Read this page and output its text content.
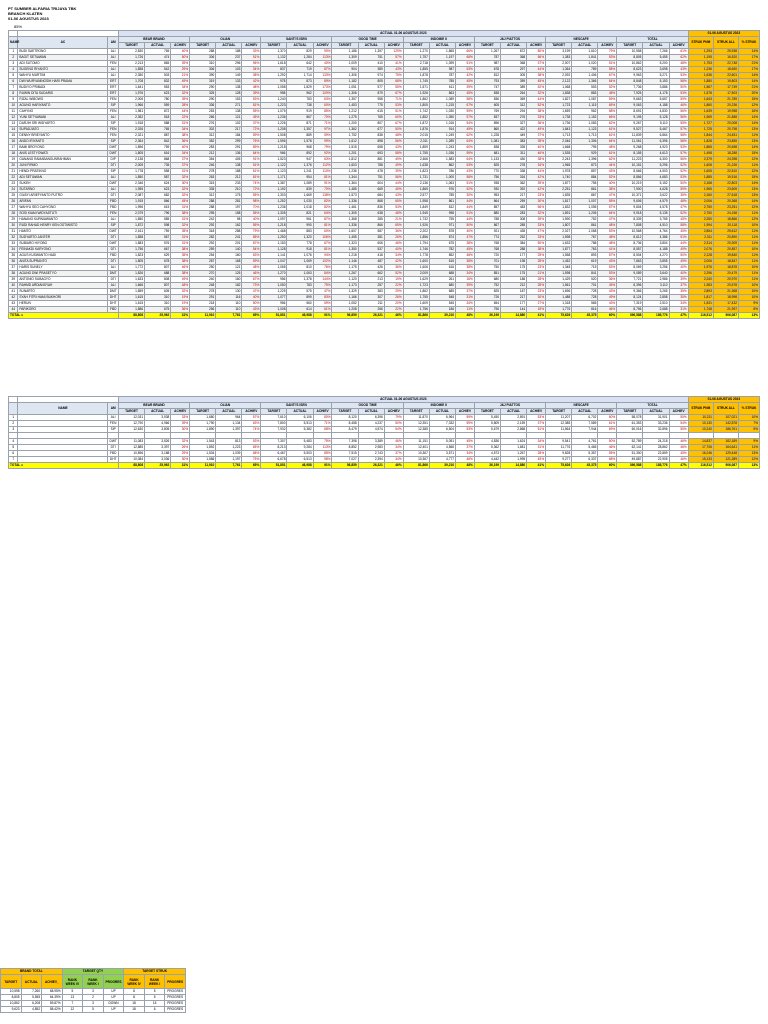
PT SUMBER ALFARIA TRIJAYA TBK
BRANCH KLATEN
01-06 AGUSTUS 2023
85%
			ACTUAL 01-06 AGUSTUS 2023																								01-06 AGUSTUS 2023		
NAME	AC	AM	BEAR BRAND			OLIAN			SANTI'S ISEN			GOOD TIME			INDOMIE II			J&J PIATTOS			NESCAFE			TOTAL			STRUK PNM	STRUK ALL	% STRUK
			TARGET	ACTUAL	ACHIEV	TARGET	ACTUAL	ACHIEV	TARGET	ACTUAL	ACHIEV	TARGET	ACTUAL	ACHIEV	TARGET	ACTUAL	ACHIEV	TARGET	ACTUAL	ACHIEV	TARGET	ACTUAL	ACHIEV	TARGET	ACTUAL	ACHIEV			
1	BUDI SAETRONO	ALI	2,830	765	40%	288	188	33%	1,370	829	90%	1,186	1,397	129%	1,270	1,865	66%	1,267	872	80%	3,199	1,610	79%	10,558	7,266	61%	1,293	25,938	14%
2	BAGIT SETIAWAN	ALI	1,726	474	50%	306	237	51%	1,132	1,284	113%	1,309	751	57%	1,757	1,197	68%	787	368	56%	1,383	1,841	53%	8,805	5,455	62%	1,195	16,520	17%
3	ADI SUTOMO	FEN	2,213	865	39%	310	296	96%	1,618	642	40%	1,009	410	41%	2,718	1,399	51%	987	368	37%	2,007	1,020	51%	10,862	5,200	48%	1,753	22,748	21%
4	SUGENG RIYANTO	ALI	1,858	542	29%	306	103	34%	837	719	87%	904	389	43%	1,855	987	53%	678	297	44%	1,364	789	58%	8,623	3,698	43%	1,236	18,650	17%
5	WAHYU MURTINI	ALI	2,350	503	21%	390	149	38%	1,292	1,714	133%	1,306	974	75%	1,878	787	42%	812	305	38%	2,092	1,406	67%	9,963	5,271	53%	1,636	22,601	14%
6	DWI WURYANINGSIH HARI PRAMA	ERT	1,708	832	49%	319	133	42%	978	873	89%	1,182	805	68%	1,745	785	45%	793	359	45%	2,122	1,366	64%	8,848	5,153	58%	1,880	19,803	14%
7	BUDIYO PRIBADI	ERT	1,641	553	34%	290	138	48%	1,058	1,829	173%	1,051	577	55%	1,571	611	39%	747	389	52%	1,068	553	52%	7,736	3,886	50%	1,567	17,749	21%
8	RUWIN DITA SUDARIS	ERT	1,976	623	32%	325	128	39%	958	962	100%	1,306	879	67%	1,926	863	45%	838	264	32%	1,838	883	48%	7,925	4,178	53%	1,578	17,503	20%
9	RIZAL WIBOWO	FEN	2,006	780	39%	290	153	53%	1,240	783	63%	1,357	958	71%	1,862	1,089	58%	836	369	44%	1,827	1,087	59%	9,663	5,657	59%	1,643	21,789	15%
10	AGUNG HARIYANTO	SIP	1,966	559	28%	336	271	81%	1,223	738	60%	1,453	775	53%	1,805	1,215	67%	605	312	52%	1,723	1,115	65%	9,063	4,188	46%	1,860	20,236	12%
11	CAHYNO	FEN	1,981	872	44%	253	138	55%	1,075	919	85%	1,212	615	51%	1,742	1,030	59%	769	294	38%	1,659	962	58%	8,691	4,830	56%	1,639	19,958	16%
12	YUNI SETYAWANI	ALI	2,352	518	22%	266	121	45%	1,236	867	70%	1,275	765	60%	1,852	1,050	57%	837	276	33%	1,738	1,152	66%	9,195	5,128	56%	1,969	21,858	14%
13	DARJIH SRI WIDYARTO	SIP	1,918	588	31%	276	102	37%	1,226	871	71%	1,200	807	67%	1,872	1,016	54%	896	327	36%	1,736	1,083	62%	9,267	5,110	55%	1,727	20,008	14%
14	SUPADJIATO	FEN	2,026	765	34%	302	217	72%	1,208	1,357	97%	1,362	677	50%	1,876	914	49%	860	422	49%	1,843	1,123	61%	9,527	5,467	57%	1,725	20,798	13%
15	DENNY BRIEYANTO	FEN	2,321	887	38%	312	184	59%	1,508	889	59%	1,752	838	48%	2,015	1,249	62%	1,228	449	37%	1,713	1,713	61%	11,839	6,864	58%	1,844	24,451	11%
16	ANDO IRIYANTO	SIP	2,364	842	36%	352	299	76%	1,596	1,578	99%	1,612	898	56%	2,011	1,289	64%	1,081	383	35%	2,046	1,306	64%	11,061	6,396	58%	1,828	23,855	13%
17	BAMI BROYONO	DWT	1,896	759	40%	283	291	89%	1,218	968	79%	1,515	658	43%	1,859	1,243	60%	838	335	40%	1,668	795	48%	9,268	4,923	53%	1,865	20,698	14%
18	ANIS LESTYOWATI	DWT	1,805	616	34%	212	136	64%	966	892	92%	1,201	693	58%	1,755	1,036	59%	681	311	46%	1,535	929	61%	8,155	4,613	57%	1,498	18,288	15%
19	GANANG RAMABANGUNRAHMAN	DIP	2,138	868	37%	354	405	91%	1,523	947	63%	1,812	881	49%	2,466	1,583	64%	1,133	430	38%	2,243	1,396	62%	11,223	6,300	56%	2,379	24,398	12%
20	JUNI FIRMO	DTI	2,005	735	37%	246	138	51%	1,122	1,376	112%	1,603	788	49%	1,638	862	53%	825	278	34%	1,965	873	44%	10,151	5,296	52%	1,608	21,226	11%
21	HENDI PRATIKNO	SIP	1,778	558	31%	278	188	61%	1,123	1,241	110%	1,236	478	39%	1,823	786	43%	770	338	44%	1,978	857	43%	8,666	4,503	52%	1,605	22,510	12%
22	ADI SETIAWAN	ALI	1,850	587	32%	263	212	81%	1,171	954	81%	1,344	751	56%	1,731	1,000	58%	756	316	42%	1,740	884	52%	8,866	4,683	53%	1,885	19,516	15%
23	SUKEH	DWT	2,346	624	30%	315	233	74%	1,387	1,089	91%	1,364	604	44%	2,136	1,063	51%	938	362	39%	1,877	755	40%	10,219	5,152	50%	2,168	22,803	14%
24	SUTARNO	ALI	1,955	623	32%	335	210	72%	1,192	839	70%	1,485	669	45%	1,865	976	52%	930	392	42%	2,251	861	38%	7,900	4,628	59%	1,965	23,605	13%
25	GILBYI ARIEFYANTO PUTRO	DTI	2,087	682	32%	312	175	55%	1,303	1,669	138%	1,573	684	43%	2,577	785	30%	953	217	23%	1,835	867	47%	10,371	3,622	35%	2,160	27,618	13%
26	ARIFAN	FBD	1,915	866	45%	288	281	98%	1,252	1,030	82%	1,336	868	65%	1,958	861	44%	864	259	30%	1,817	1,007	55%	9,606	4,579	48%	2,006	20,368	14%
27	WAHYU SEO CAHYONO	FBD	1,996	615	31%	288	197	70%	1,236	1,018	82%	1,461	836	53%	1,849	812	44%	857	483	56%	1,832	1,055	57%	9,804	4,578	47%	2,750	23,251	12%
28	SOSI KIAMI WIDYASTUTI	FEN	2,079	796	38%	295	158	55%	1,305	821	64%	1,305	638	48%	1,945	998	51%	880	283	32%	1,891	1,205	64%	9,918	5,135	52%	2,750	24,158	11%
29	HANANG KURNIAWANTO	ALI	1,850	585	31%	242	98	40%	1,097	961	87%	1,368	285	21%	1,732	755	44%	788	308	39%	1,590	752	47%	8,339	3,755	45%	2,250	18,866	12%
30	RUDI RAHAD HENRY KEN OSTIWISTO	SIP	1,872	598	32%	292	162	55%	1,218	990	81%	1,336	866	65%	1,926	971	50%	867	285	33%	1,807	861	48%	7,808	4,510	58%	1,994	20,118	10%
31	HAMTO	DWT	2,161	759	35%	318	288	79%	1,468	883	60%	1,607	587	36%	2,202	878	40%	921	435	47%	2,027	1,068	53%	10,568	4,764	45%	2,854	25,612	11%
32	SUDYARTO JANTER	DTI	1,858	567	31%	282	241	85%	1,250	1,320	106%	1,455	381	26%	1,856	874	47%	774	252	33%	1,598	767	48%	8,612	4,386	51%	2,311	20,890	11%
33	SUBIARO HIYOBO	DWT	1,883	576	31%	292	201	87%	1,153	778	67%	1,323	606	46%	1,794	675	38%	768	384	50%	1,632	788	48%	8,736	3,804	44%	2,314	20,309	11%
34	FEINAKDI KARYONO	DTI	1,756	667	38%	259	140	54%	1,128	918	81%	1,350	537	40%	1,746	782	45%	768	288	38%	1,877	763	41%	8,557	4,188	49%	2,076	20,857	10%
35	AGUS KUSWANTO HADI	FBD	1,823	629	35%	254	160	63%	1,141	1,076	94%	1,218	418	34%	1,778	852	48%	720	177	25%	1,558	893	57%	8,504	4,270	50%	2,128	19,840	11%
36	ANITA SUPRANTO	DTI	1,805	678	38%	287	168	59%	1,047	1,069	102%	1,146	487	42%	1,600	615	38%	701	198	28%	1,452	619	43%	7,863	3,855	49%	2,006	18,847	11%
37	HARIS SUNELY	ALI	1,772	807	46%	250	121	48%	1,065	810	76%	1,175	426	36%	1,606	616	38%	750	175	23%	1,348	715	53%	8,069	3,256	40%	1,976	18,878	10%
38	AGUNG DWI PRASETYO	DMT	1,826	688	38%	270	125	46%	1,270	1,063	84%	1,267	662	52%	2,009	688	34%	851	175	21%	1,598	841	53%	9,089	3,640	40%	2,296	20,479	11%
39	ANTONIO SUBAGYO	DTI	1,633	808	49%	240	160	67%	956	1,378	144%	1,120	213	19%	1,629	261	16%	680	188	28%	1,429	520	36%	7,721	2,986	39%	2,240	20,970	11%
40	RAHMD ARDIANSYAH	ALI	1,666	807	48%	248	182	73%	1,050	783	75%	1,173	257	22%	1,723	680	39%	752	212	28%	1,561	701	45%	8,396	3,110	37%	1,983	20,578	10%
41	SUNARTO	DMT	1,859	605	32%	278	130	47%	1,225	575	47%	1,329	383	29%	1,862	685	37%	825	187	23%	1,696	728	43%	9,366	3,265	35%	2,893	21,368	10%
42	SYAH FITRI HAMI BUKHORI	DHT	1,615	310	19%	291	116	40%	1,077	899	83%	1,166	307	26%	1,755	548	31%	726	217	30%	1,488	728	49%	8,124	2,858	35%	1,817	18,998	10%
43	HERUN	DHT	1,615	310	19%	218	110	50%	956	560	59%	1,052	211	20%	1,609	545	34%	654	177	27%	1,318	565	43%	7,319	2,510	34%	1,531	17,432	9%
44	PARIKORO	FBD	1,886	675	36%	256	110	43%	1,008	614	61%	1,208	266	22%	1,756	186	11%	796	144	18%	1,776	816	46%	8,756	2,688	31%	1,748	21,997	8%
TOTAL =			88,808	25,962	31%	11,910	7,761	65%	51,851	46,988	91%	56,859	26,321	46%	81,866	39,210	48%	36,199	14,880	41%	75,626	45,375	60%	396,588	185,776	47%	116,512	906,087	13%
			ACTUAL 01-06 AGUSTUS 2023																								01-06 AGUSTUS 2023		
	NAME	AM	BEAR BRAND			OLIAN			SANTI'S ISEN			GOOD TIME			INDOMIE II			J&J PIATTOS			NESCAFE			TOTAL			STRUK PNM	STRUK ALL	% STRUK
			TARGET	ACTUAL	ACHIEV	TARGET	ACTUAL	ACHIEV	TARGET	ACTUAL	ACHIEV	TARGET	ACTUAL	ACHIEV	TARGET	ACTUAL	ACHIEV	TARGET	ACTUAL	ACHIEV	TARGET	ACTUAL	ACHIEV	TARGET	ACTUAL	ACHIEV			
1		ALI	12,031	3,938	33%	1,680	964	57%	7,610	6,106	80%	8,120	6,396	79%	11,870	6,964	59%	5,450	2,891	53%	11,207	6,702	60%	58,078	31,901	55%	10,211	107,021	10%
2		FEN	12,790	4,966	39%	1,790	1,134	63%	7,800	5,513	71%	8,458	4,237	50%	12,351	7,332	59%	5,809	2,159	37%	12,385	7,589	61%	61,353	33,236	54%	10,130	142,878	7%
3		SIP	12,630	3,805	30%	1,890	1,397	74%	7,932	5,382	68%	8,479	4,574	54%	12,385	6,504	53%	5,679	2,868	51%	11,564	7,944	69%	60,016	32,896	55%	10,240	186,761	5%

4		DWT	11,083	3,526	32%	1,543	813	53%	7,307	5,483	75%	7,398	3,389	46%	11,151	5,051	45%	4,836	1,624	34%	9,541	4,761	50%	52,789	24,218	46%	14,837	162,189	9%
5		DTI	12,885	3,397	26%	1,892	1,223	65%	8,213	9,284	113%	8,852	2,983	34%	12,401	4,566	37%	5,362	1,681	31%	11,776	5,465	46%	62,141	28,862	46%	17,706	164,641	11%
6		FBD	10,896	3,188	29%	1,534	1,039	68%	6,467	5,503	85%	7,515	2,743	37%	10,367	3,571	34%	4,573	1,267	28%	9,828	5,357	55%	51,300	22,859	45%	16,246	129,448	13%
7		DHT	10,084	3,036	30%	1,586	1,197	75%	6,678	6,513	98%	7,027	2,394	34%	10,367	4,777	46%	4,442	1,995	45%	9,277	6,337	68%	49,887	22,905	46%	15,133	121,289	12%
TOTAL =			88,808	25,962	31%	11,910	7,761	65%	51,851	46,988	91%	56,859	26,321	46%	81,866	39,210	48%	36,199	14,880	41%	75,626	45,375	60%	396,588	185,776	47%	116,512	906,087	13%
BRAND TOTAL			TARGET QTY			TARGET STRUK		
TARGET	ACTUAL	ACHIEV_	RANK WEEK IV	RANK WEEK I	PROGRES	RANK WEEK IV	RANK WEEK I	PROGRES
10,598	7,260	68.95%	5	3	UP	8	5	PROGRES
8,805	5,555	64.39%	13	2	UP	8	5	PROGRES
10,862	6,208	59.87%	7	3	DOWN	18	15	PROGRES
9,623	4,852	58.42%	12	5	UP	18	6	PROGRES
